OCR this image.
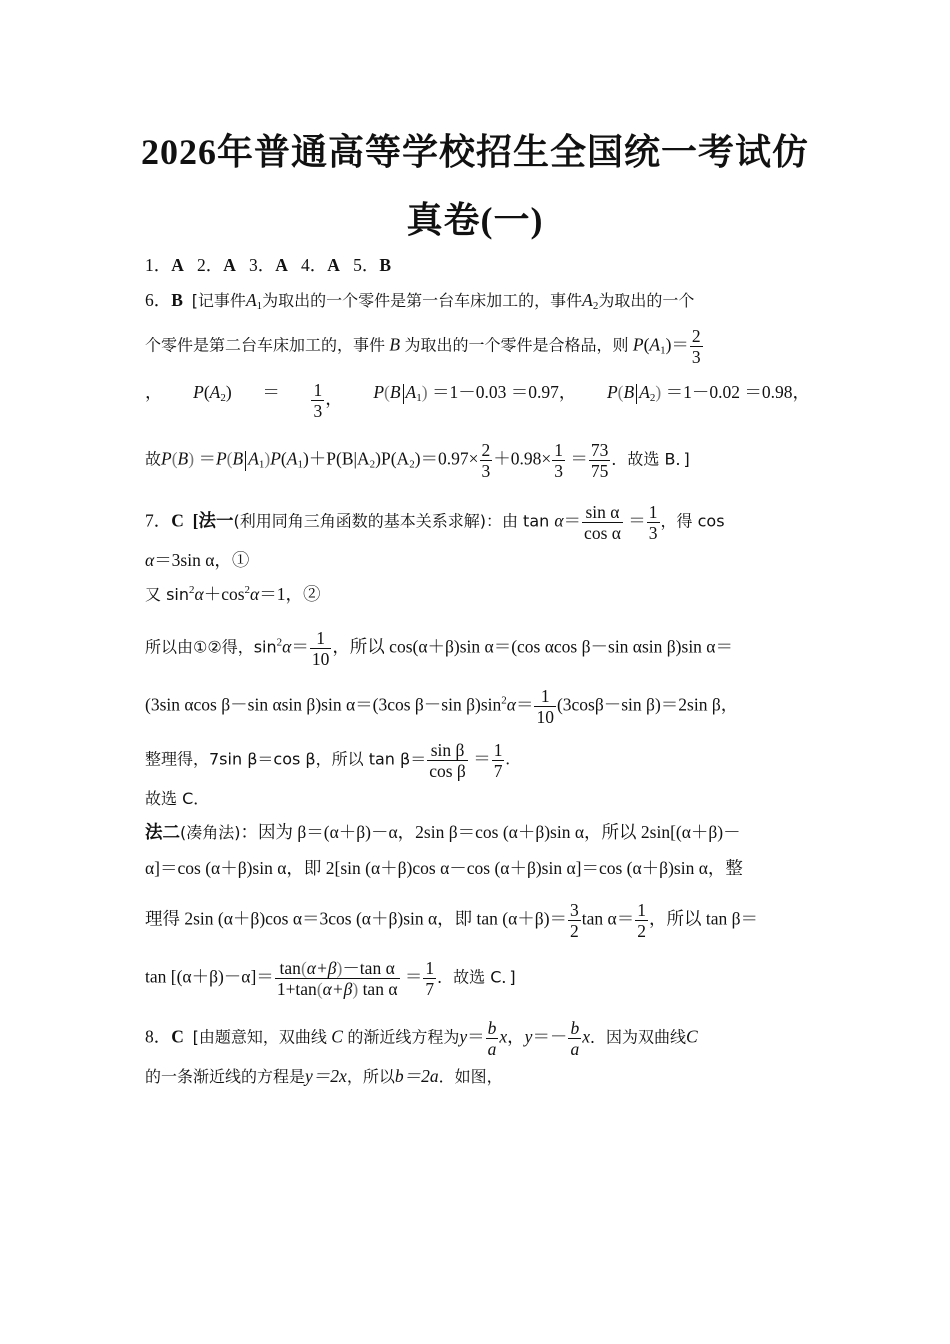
2026年普通高等学校招生全国统一考试仿
真卷(一)
1．A 2．A 3．A 4．A 5．B
6．B [记事件$A_1$为取出的一个零件是第一台车床加工的，事件$A_2$为取出的一个
个零件是第二台车床加工的，事件 B 为取出的一个零件是合格品，则 $P(A_1)= \frac{2}{3}$
， $P(A_2) = \frac{1}{3}$ ， P(B $A_1) =1-0.03 =0.97$， P(B $A_2) =1-0.02 =0.98$，
故P(B) ＝P(B $A_1)P(A_1)+P(B|A_2)P(A_2)=0.97\times \frac{2}{3} +0.98\times \frac{1}{3} = \frac{73}{75}$ ．故选 B．]
7．C [法一(利用同角三角函数的基本关系求解)：由 $\tan \alpha= \frac{\text{sin α}}{\text{cos α}} = \frac{1}{3}$ ，得 cos
α＝3sin α，①
又 $\sin^2\alpha+\cos^2\alpha=1$，②
所以由①②得，$\sin^2\alpha= \frac{1}{10}$ ，所以 cos(α＋β)sin α＝(cos αcos β－sin αsin β)sin α＝
(3sin αcos β－sin αsin β)sin α＝(3cos β－sin $\beta)\sin^2\alpha= \frac{1}{10} (3\cos\beta-\sin$ β)＝2sin β，
整理得，7sin β＝cos β，所以 $\tan \beta= \frac{\text{sin β}}{\text{cos β}} = \frac{1}{7}$ .
故选 C．
法二(凑角法)：因为 β＝(α＋β)－α，2sin β＝cos (α＋β)sin α，所以 2sin[(α＋β)－
α]＝cos (α＋β)sin α，即 2[sin (α＋β)cos α－cos (α＋β)sin α]＝cos (α＋β)sin α，整
理得 2sin (α＋β)cos α＝3cos (α＋β)sin α，即 $\tan (\alpha+\beta)= \frac{3}{2}$ $\tan \alpha= \frac{1}{2}$ ，所以 tan β＝
$\tan [(\alpha+\beta)-\alpha]= \frac{\text{tan(α+β)－tan α}}{\text{1+tan(α+β) tan α}} = \frac{1}{7}$ ．故选 C．]
8．C [由题意知，双曲线 C 的渐近线方程为$y= \frac{b}{a}$ x，$y=- \frac{b}{a}$ x．因为双曲线C
的一条渐近线的方程是y＝2x，所以b＝2a．如图，
